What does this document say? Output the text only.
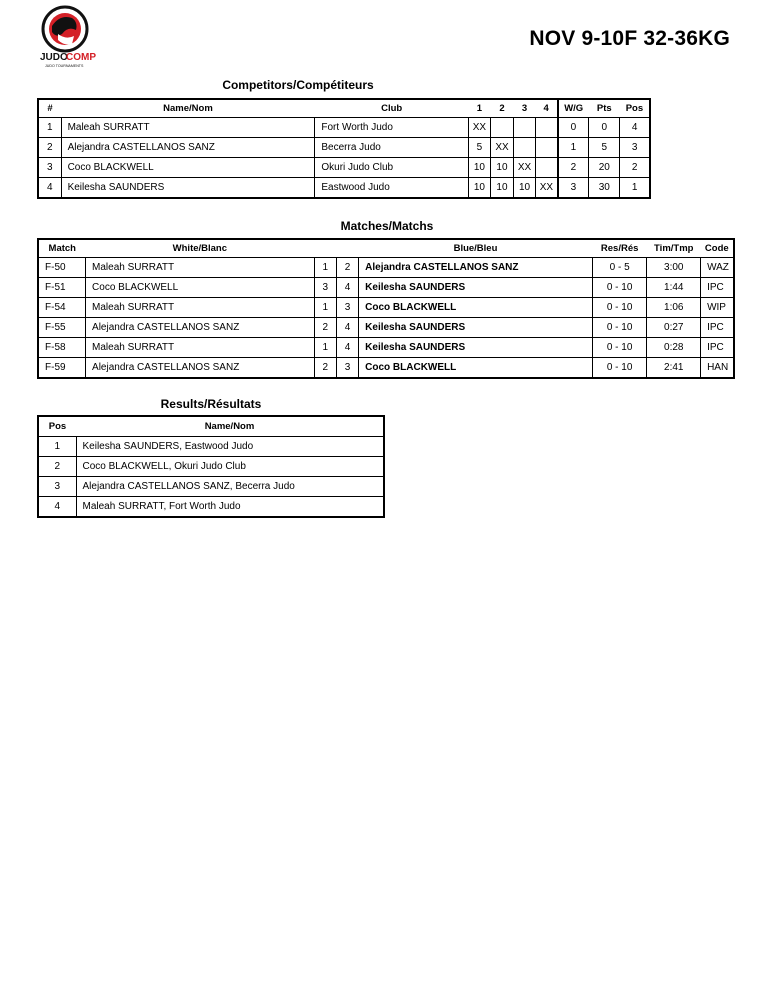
JUDO
COMP
JUDO TOURNAMENTS
NOV 9-10F 32-36KG
Competitors/Compétiteurs
#	Name/Nom	Club	1	2	3	4	W/G	Pts	Pos
1	Maleah SURRATT	Fort Worth Judo	XX				0	0	4
2	Alejandra CASTELLANOS SANZ	Becerra Judo	5	XX			1	5	3
3	Coco BLACKWELL	Okuri Judo Club	10	10	XX		2	20	2
4	Keilesha SAUNDERS	Eastwood Judo	10	10	10	XX	3	30	1
Matches/Matchs
Match	White/Blanc			Blue/Bleu	Res/Rés	Tim/Tmp	Code
F-50	Maleah SURRATT	1	2	Alejandra CASTELLANOS SANZ	0 - 5	3:00	WAZ
F-51	Coco BLACKWELL	3	4	Keilesha SAUNDERS	0 - 10	1:44	IPC
F-54	Maleah SURRATT	1	3	Coco BLACKWELL	0 - 10	1:06	WIP
F-55	Alejandra CASTELLANOS SANZ	2	4	Keilesha SAUNDERS	0 - 10	0:27	IPC
F-58	Maleah SURRATT	1	4	Keilesha SAUNDERS	0 - 10	0:28	IPC
F-59	Alejandra CASTELLANOS SANZ	2	3	Coco BLACKWELL	0 - 10	2:41	HAN
Results/Résultats
Pos	Name/Nom
1	Keilesha SAUNDERS, Eastwood Judo
2	Coco BLACKWELL, Okuri Judo Club
3	Alejandra CASTELLANOS SANZ, Becerra Judo
4	Maleah SURRATT, Fort Worth Judo
